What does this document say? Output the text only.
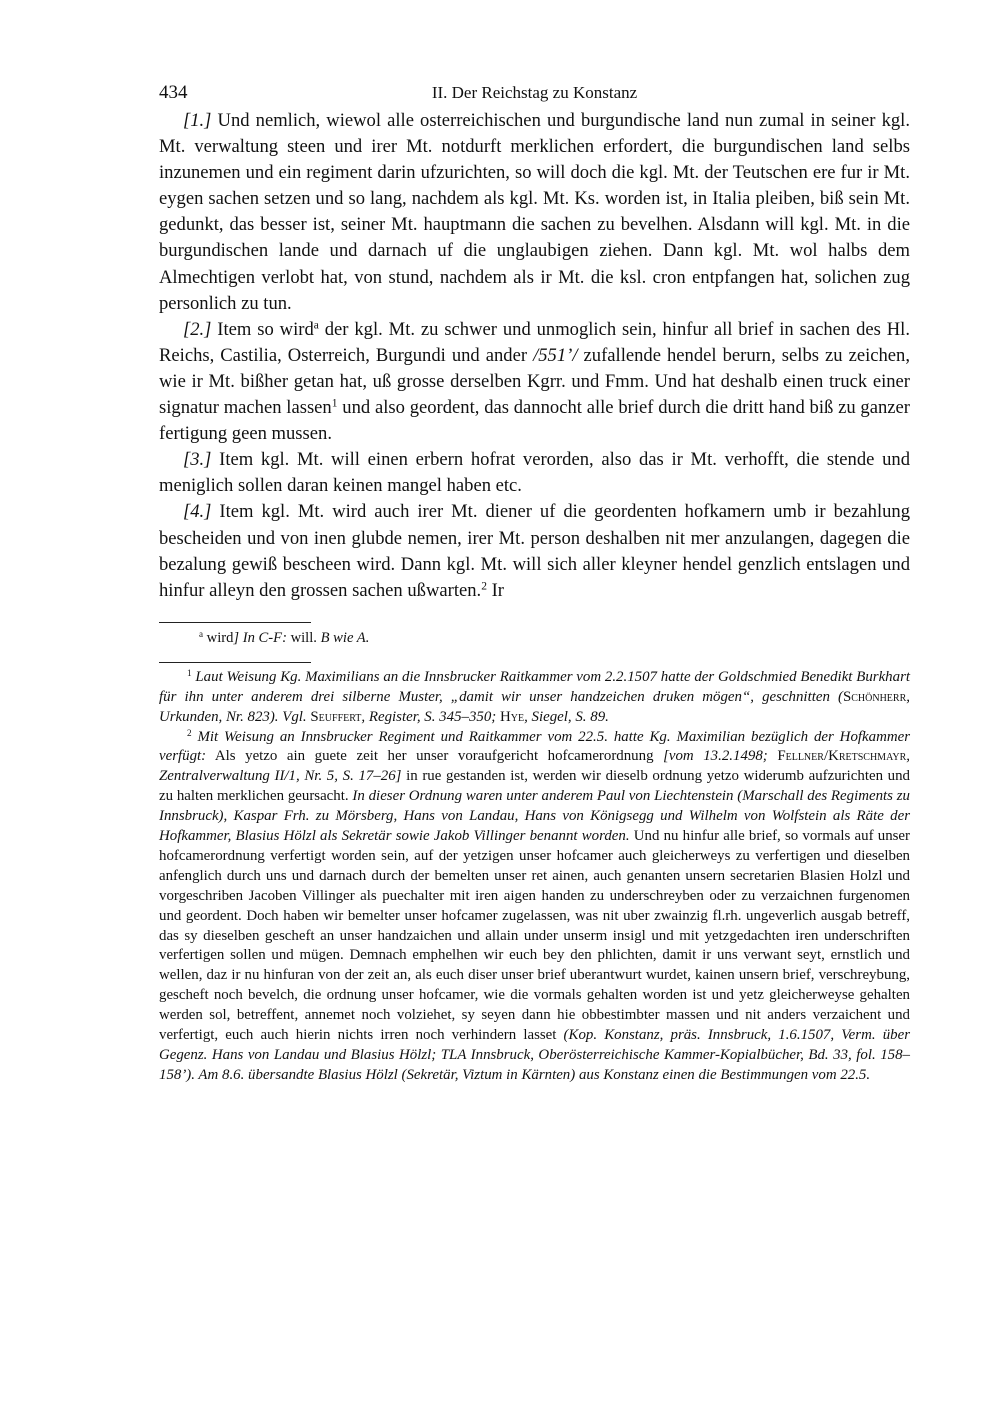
434	II. Der Reichstag zu Konstanz

[1.] Und nemlich, wiewol alle osterreichischen und burgundische land nun zumal in seiner kgl. Mt. verwaltung steen und irer Mt. notdurft merklichen erfordert, die burgundischen land selbs inzunemen und ein regiment darin ufzurichten, so will doch die kgl. Mt. der Teutschen ere fur ir Mt. eygen sachen setzen und so lang, nachdem als kgl. Mt. Ks. worden ist, in Italia pleiben, biß sein Mt. gedunkt, das besser ist, seiner Mt. hauptmann die sachen zu bevelhen. Alsdann will kgl. Mt. in die burgundischen lande und darnach uf die unglaubigen ziehen. Dann kgl. Mt. wol halbs dem Almechtigen verlobt hat, von stund, nachdem als ir Mt. die ksl. cron entpfangen hat, solichen zug personlich zu tun.

[2.] Item so wird$^a$ der kgl. Mt. zu schwer und unmoglich sein, hinfur all brief in sachen des Hl. Reichs, Castilia, Osterreich, Burgundi und ander /551’/ zufallende hendel berurn, selbs zu zeichen, wie ir Mt. bißher getan hat, uß grosse derselben Kgrr. und Fmm. Und hat deshalb einen truck einer signatur machen lassen$^1$ und also geordent, das dannocht alle brief durch die dritt hand biß zu ganzer fertigung geen mussen.

[3.] Item kgl. Mt. will einen erbern hofrat verorden, also das ir Mt. verhofft, die stende und meniglich sollen daran keinen mangel haben etc.

[4.] Item kgl. Mt. wird auch irer Mt. diener uf die geordenten hofkamern umb ir bezahlung bescheiden und von inen glubde nemen, irer Mt. person deshalben nit mer anzulangen, dagegen die bezalung gewiß bescheen wird. Dann kgl. Mt. will sich aller kleyner hendel genzlich entslagen und hinfur alleyn den grossen sachen ußwarten.$^2$ Ir

$^a$ wird] In C-F: will. B wie A.

$^1$ Laut Weisung Kg. Maximilians an die Innsbrucker Raitkammer vom 2.2.1507 hatte der Goldschmied Benedikt Burkhart für ihn unter anderem drei silberne Muster, „damit wir unser handzeichen druken mögen“, geschnitten (Schönherr, Urkunden, Nr. 823). Vgl. Seuffert, Register, S. 345–350; Hye, Siegel, S. 89.

$^2$ Mit Weisung an Innsbrucker Regiment und Raitkammer vom 22.5. hatte Kg. Maximilian bezüglich der Hofkammer verfügt: Als yetzo ain guete zeit her unser voraufgericht hofcamerordnung [vom 13.2.1498; Fellner/Kretschmayr, Zentralverwaltung II/1, Nr. 5, S. 17–26] in rue gestanden ist, werden wir dieselb ordnung yetzo widerumb aufzurichten und zu halten merklichen geursacht. In dieser Ordnung waren unter anderem Paul von Liechtenstein (Marschall des Regiments zu Innsbruck), Kaspar Frh. zu Mörsberg, Hans von Landau, Hans von Königsegg und Wilhelm von Wolfstein als Räte der Hofkammer, Blasius Hölzl als Sekretär sowie Jakob Villinger benannt worden. Und nu hinfur alle brief, so vormals auf unser hofcamerordnung verfertigt worden sein, auf der yetzigen unser hofcamer auch gleicherweys zu verfertigen und dieselben anfenglich durch uns und darnach durch der bemelten unser ret ainen, auch genanten unsern secretarien Blasien Holzl und vorgeschriben Jacoben Villinger als puechalter mit iren aigen handen zu underschreyben oder zu verzaichnen furgenomen und geordent. Doch haben wir bemelter unser hofcamer zugelassen, was nit uber zwainzig fl.rh. ungeverlich ausgab betreff, das sy dieselben gescheft an unser handzaichen und allain under unserm insigl und mit yetzgedachten iren underschriften verfertigen sollen und mügen. Demnach emphelhen wir euch bey den phlichten, damit ir uns verwant seyt, ernstlich und wellen, daz ir nu hinfuran von der zeit an, als euch diser unser brief uberantwurt wurdet, kainen unsern brief, verschreybung, gescheft noch bevelch, die ordnung unser hofcamer, wie die vormals gehalten worden ist und yetz gleicherweyse gehalten werden sol, betreffent, annemet noch volziehet, sy seyen dann hie obbestimbter massen und nit anders verzaichent und verfertigt, euch auch hierin nichts irren noch verhindern lasset (Kop. Konstanz, präs. Innsbruck, 1.6.1507, Verm. über Gegenz. Hans von Landau und Blasius Hölzl; TLA Innsbruck, Oberösterreichische Kammer-Kopialbücher, Bd. 33, fol. 158–158’). Am 8.6. übersandte Blasius Hölzl (Sekretär, Viztum in Kärnten) aus Konstanz einen die Bestimmungen vom 22.5.
